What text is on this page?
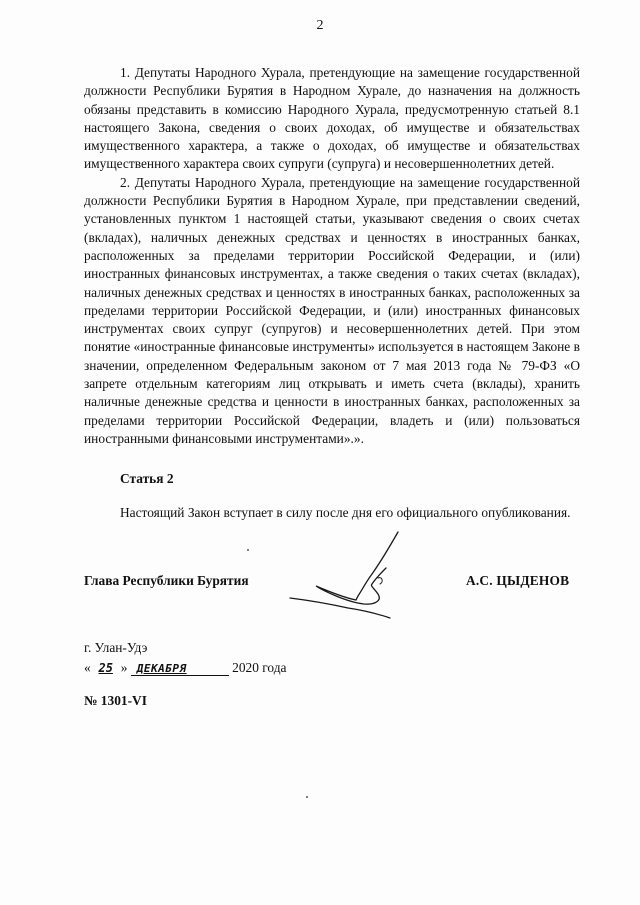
2

1. Депутаты Народного Хурала, претендующие на замещение государственной должности Республики Бурятия в Народном Хурале, до назначения на должность обязаны представить в комиссию Народного Хурала, предусмотренную статьей 8.1 настоящего Закона, сведения о своих доходах, об имуществе и обязательствах имущественного характера, а также о доходах, об имуществе и обязательствах имущественного характера своих супруги (супруга) и несовершеннолетних детей.

2. Депутаты Народного Хурала, претендующие на замещение государственной должности Республики Бурятия в Народном Хурале, при представлении сведений, установленных пунктом 1 настоящей статьи, указывают сведения о своих счетах (вкладах), наличных денежных средствах и ценностях в иностранных банках, расположенных за пределами территории Российской Федерации, и (или) иностранных финансовых инструментах, а также сведения о таких счетах (вкладах), наличных денежных средствах и ценностях в иностранных банках, расположенных за пределами территории Российской Федерации, и (или) иностранных финансовых инструментах своих супруг (супругов) и несовершеннолетних детей. При этом понятие «иностранные финансовые инструменты» используется в настоящем Законе в значении, определенном Федеральным законом от 7 мая 2013 года № 79-ФЗ «О запрете отдельным категориям лиц открывать и иметь счета (вклады), хранить наличные денежные средства и ценности в иностранных банках, расположенных за пределами территории Российской Федерации, владеть и (или) пользоваться иностранными финансовыми инструментами».».

Статья 2

Настоящий Закон вступает в силу после дня его официального опубликования.

Глава Республики Бурятия	А.С. ЦЫДЕНОВ
г. Улан-Удэ
« 25 » ДЕКАБРЯ	2020 года
№ 1301-VI
